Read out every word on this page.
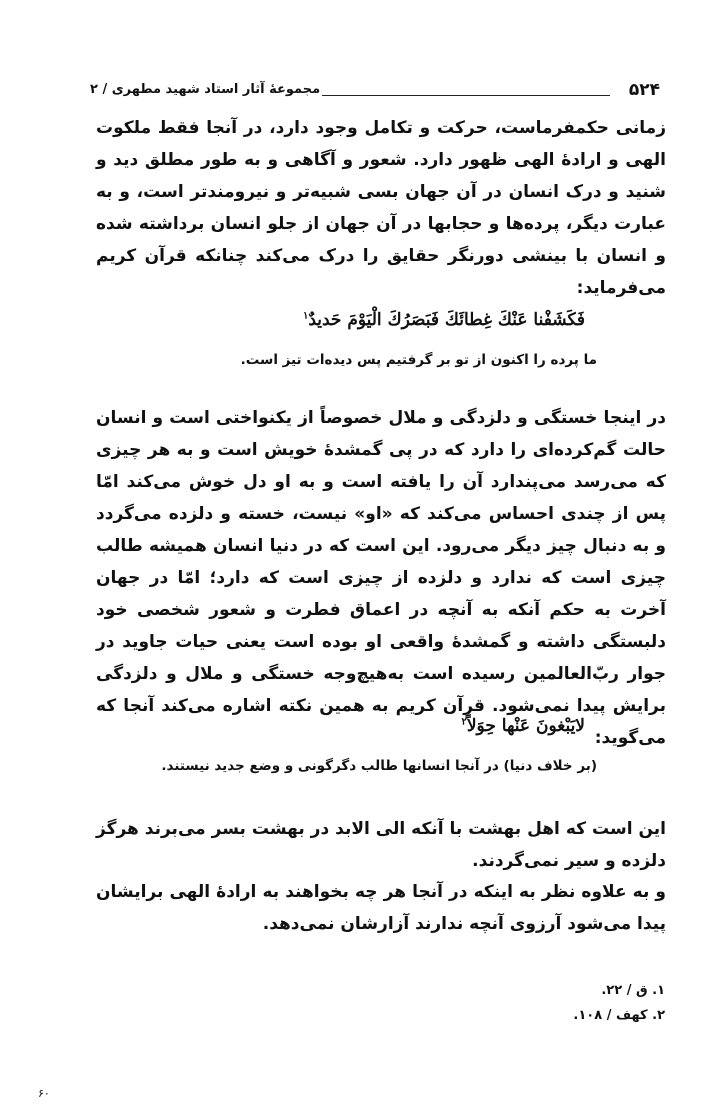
۵۲۴
مجموعهٔ آثار استاد شهید مطهری / ۲

زمانی حکمفرماست، حرکت و تکامل وجود دارد، در آنجا فقط ملکوت الهی و ارادهٔ الهی ظهور دارد. شعور و آگاهی و به طور مطلق دید و شنید و درک انسان در آن جهان بسی شبیه‌تر و نیرومندتر است، و به عبارت دیگر، پرده‌ها و حجابها در آن جهان از جلو انسان برداشته شده و انسان با بینشی دورنگر حقایق را درک می‌کند چنانکه قرآن کریم می‌فرماید:

فَكَشَفْنا عَنْكَ غِطائَكَ فَبَصَرُكَ الْيَوْمَ حَديدٌ$^۱$
ما پرده را اکنون از تو بر گرفتیم پس دیده‌ات تیز است.

در اینجا خستگی و دلزدگی و ملال خصوصاً از یکنواختی است و انسان حالت گم‌کرده‌ای را دارد که در پی گمشدهٔ خویش است و به هر چیزی که می‌رسد می‌پندارد آن را یافته است و به او دل خوش می‌کند امّا پس از چندی احساس می‌کند که «او» نیست، خسته و دلزده می‌گردد و به دنبال چیز دیگر می‌رود. این است که در دنیا انسان همیشه طالب چیزی است که ندارد و دلزده از چیزی است که دارد؛ امّا در جهان آخرت به حکم آنکه به آنچه در اعماق فطرت و شعور شخصی خود دلبستگی داشته و گمشدهٔ واقعی او بوده است یعنی حیات جاوید در جوار ربّ‌العالمین رسیده است به‌هیچ‌وجه خستگی و ملال و دلزدگی برایش پیدا نمی‌شود. قرآن کریم به همین نکته اشاره می‌کند آنجا که می‌گوید:

لايَبْغونَ عَنْها حِوَلاً$^۲$
(بر خلاف دنیا) در آنجا انسانها طالب دگرگونی و وضع جدید نیستند.

این است که اهل بهشت با آنکه الی الابد در بهشت بسر می‌برند هرگز دلزده و سیر نمی‌گردند.

و به علاوه نظر به اینکه در آنجا هر چه بخواهند به ارادهٔ الهی برایشان پیدا می‌شود آرزوی آنچه ندارند آزارشان نمی‌دهد.

۱. ق / ۲۲.
۲. کهف / ۱۰۸.
۶۰
